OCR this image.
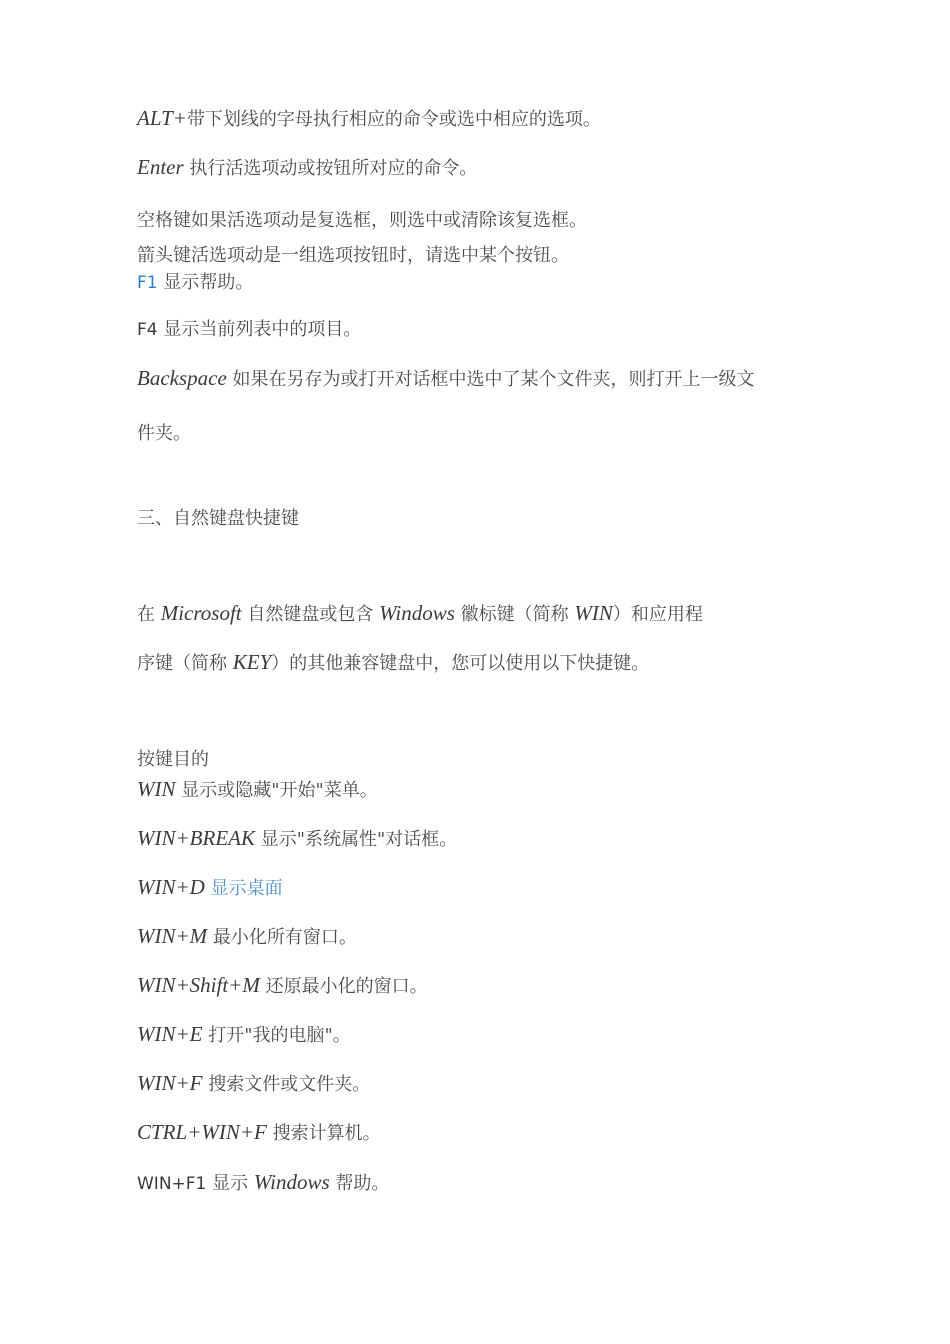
ALT+带下划线的字母执行相应的命令或选中相应的选项。
Enter 执行活选项动或按钮所对应的命令。
空格键如果活选项动是复选框，则选中或清除该复选框。
箭头键活选项动是一组选项按钮时，请选中某个按钮。
F1 显示帮助。
F4 显示当前列表中的项目。
Backspace 如果在另存为或打开对话框中选中了某个文件夹，则打开上一级文
件夹。
三、自然键盘快捷键
在 Microsoft 自然键盘或包含 Windows 徽标键（简称 WIN）和应用程
序键（简称 KEY）的其他兼容键盘中，您可以使用以下快捷键。
按键目的
WIN 显示或隐藏"开始"菜单。
WIN+BREAK 显示"系统属性"对话框。
WIN+D 显示桌面
WIN+M 最小化所有窗口。
WIN+Shift+M 还原最小化的窗口。
WIN+E 打开"我的电脑"。
WIN+F 搜索文件或文件夹。
CTRL+WIN+F 搜索计算机。
WIN+F1 显示 Windows 帮助。
